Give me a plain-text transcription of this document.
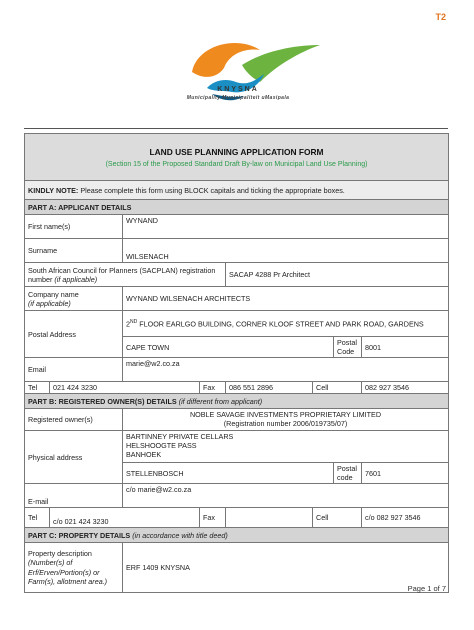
T2
KNYSNA
Municipality Munisipaliteit uMasipala
LAND USE PLANNING APPLICATION FORM
(Section 15 of the Proposed Standard Draft By-law on Municipal Land Use Planning)							

KINDLY NOTE: Please complete this form using BLOCK capitals and ticking the appropriate boxes.							
PART A: APPLICANT DETAILS							
First name(s)		WYNAND					
Surname		WILSENACH					
South African Council for Planners (SACPLAN) registration number (if applicable)				SACAP 4288 Pr Architect			

Company name
(if applicable)		WYNAND WILSENACH ARCHITECTS					
Postal Address		2ND FLOOR EARLGO BUILDING, CORNER KLOOF STREET AND PARK ROAD, GARDENS					
		CAPE TOWN				Postal Code	8001
Email		marie@w2.co.za					
Tel	021 424 3230		Fax	086 551 2896	Cell		082 927 3546
PART B: REGISTERED OWNER(S) DETAILS (if different from applicant)							
Registered owner(s)		NOBLE SAVAGE INVESTMENTS PROPRIETARY LIMITED
(Registration number 2006/019735/07)					

Physical address		BARTINNEY PRIVATE CELLARS
HELSHOOGTE PASS
BANHOEK					

		STELLENBOSCH				Postal code	7601
E-mail		c/o marie@w2.co.za					
Tel	c/o 021 424 3230		Fax		Cell		c/o 082 927 3546
PART C: PROPERTY DETAILS (in accordance with title deed)							

Property description
(Number(s) of Erf/Erven/Portion(s) or Farm(s), allotment area.)		ERF 1409 KNYSNA					
Page 1 of 7
